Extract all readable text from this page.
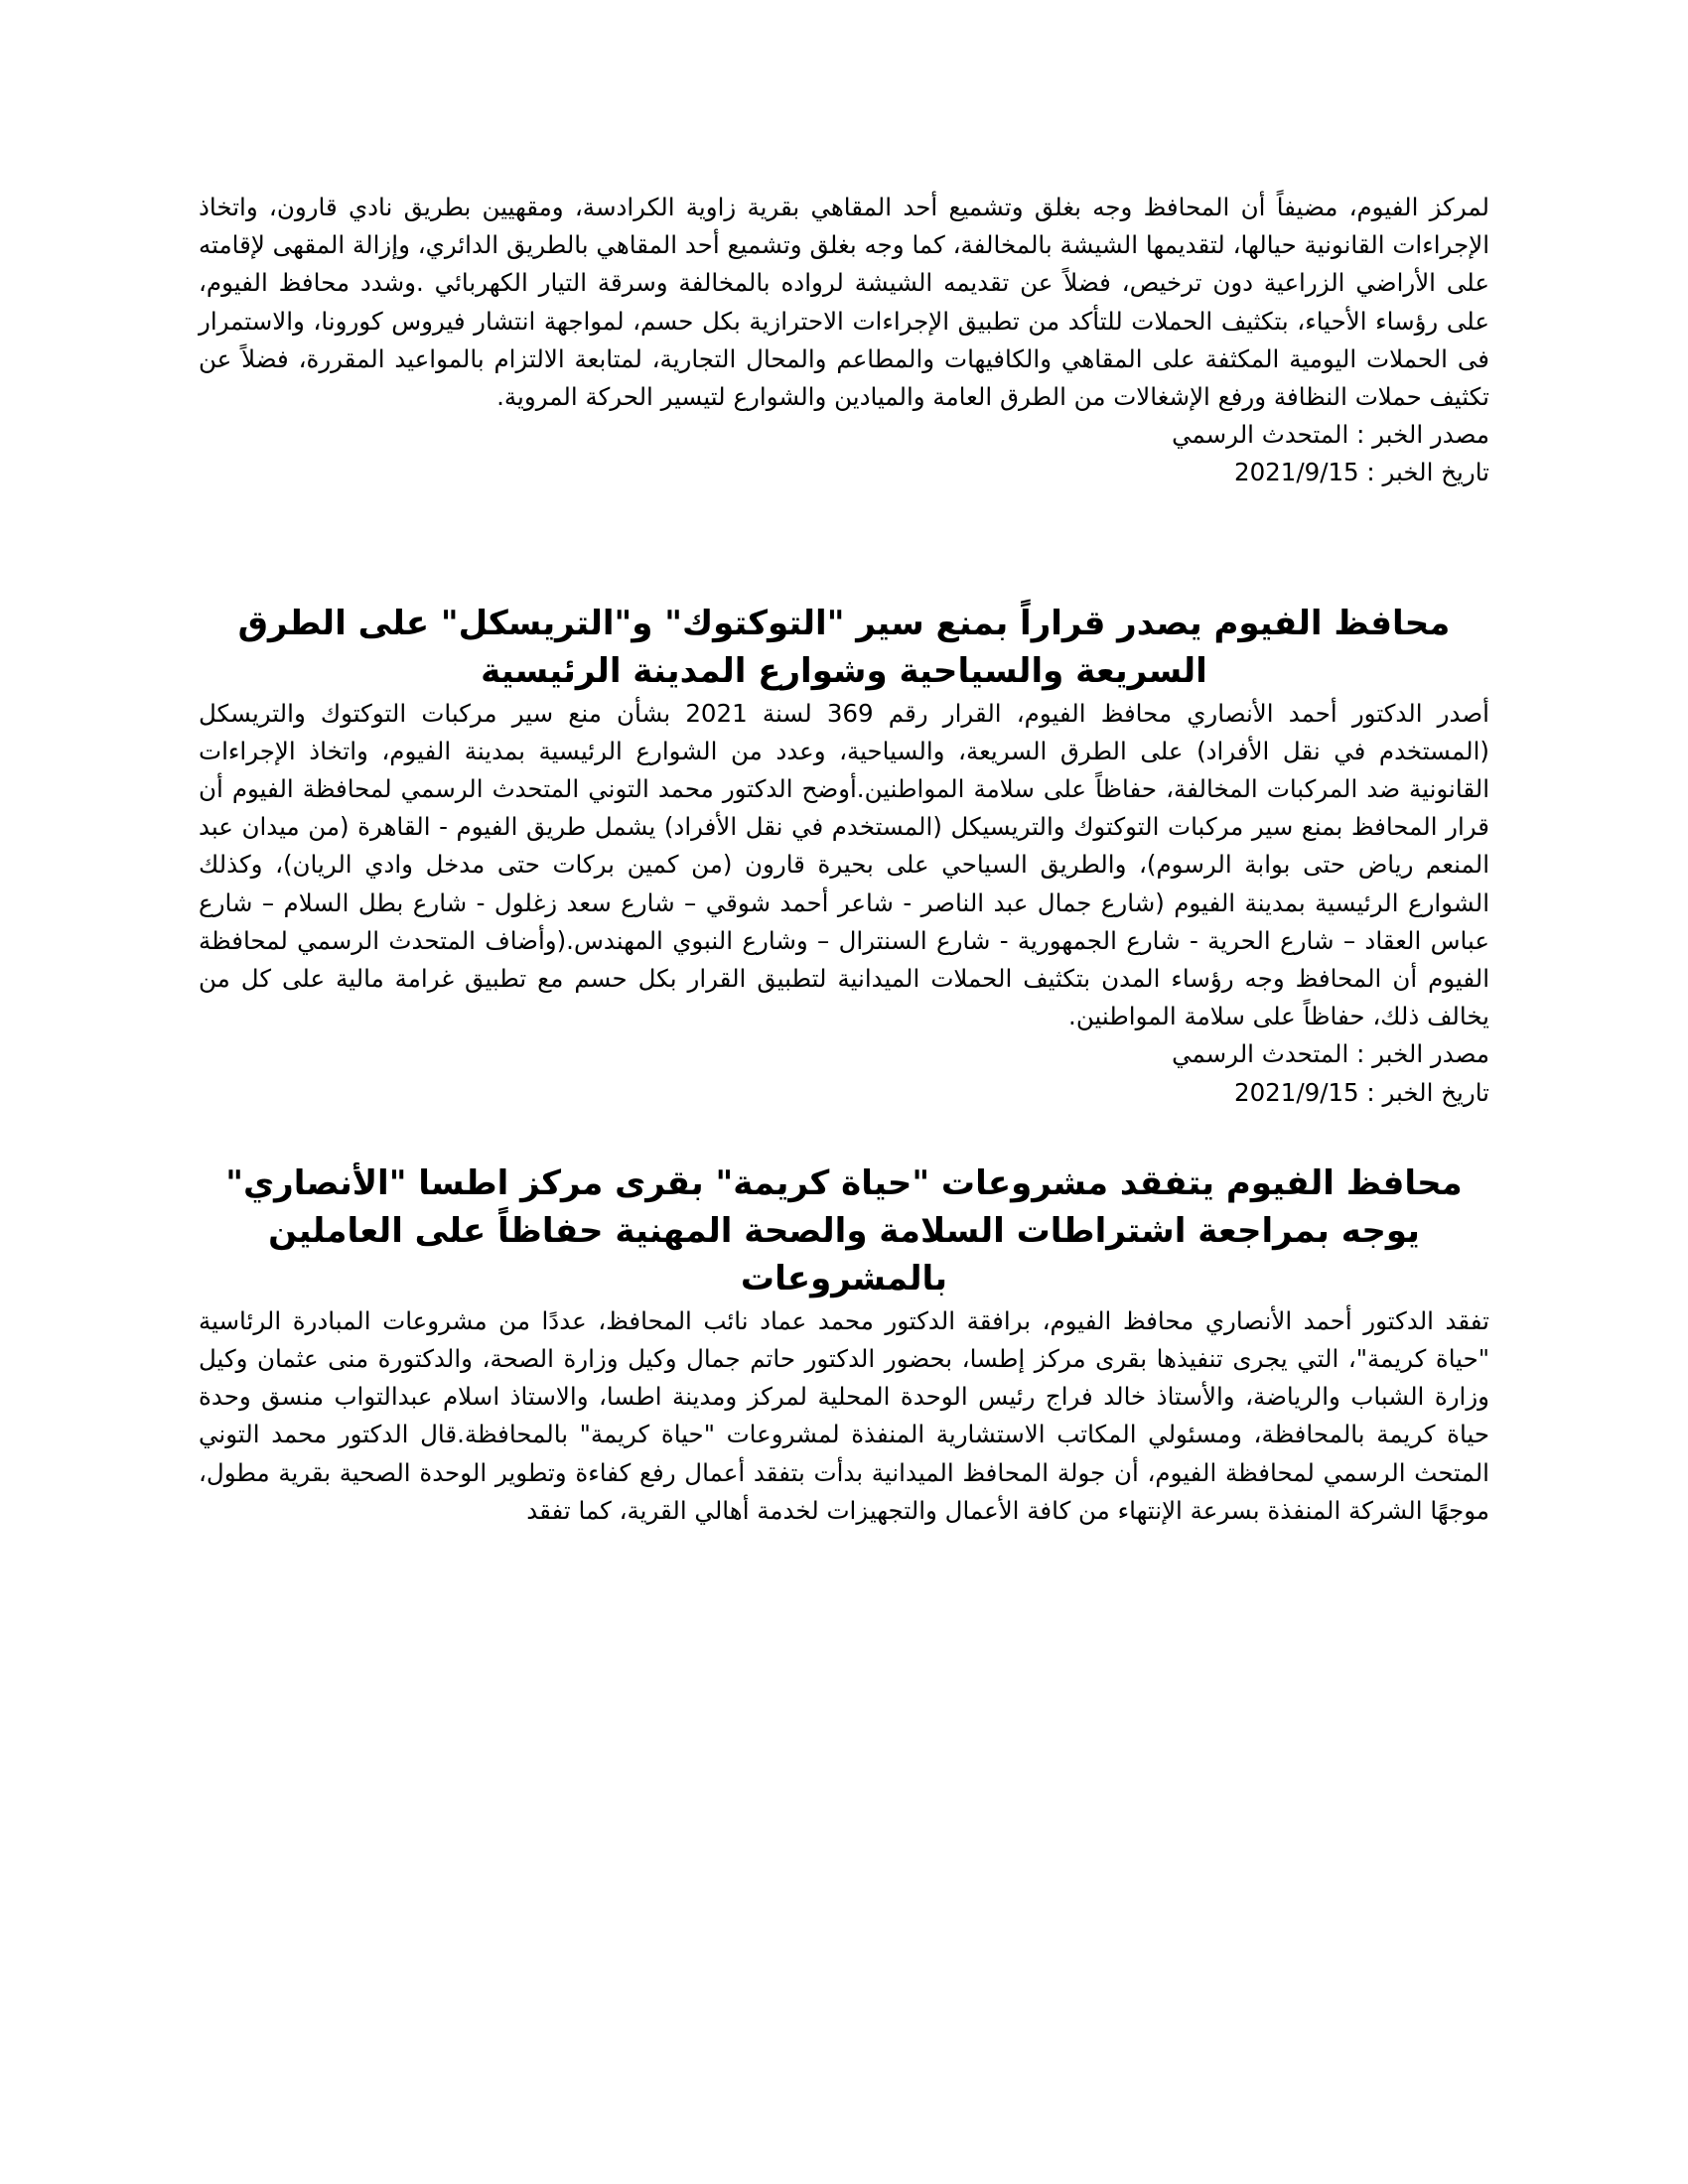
لمركز الفيوم، مضيفاً أن المحافظ وجه بغلق وتشميع أحد المقاهي بقرية زاوية الكرادسة، ومقهيين بطريق نادي قارون، واتخاذ الإجراءات القانونية حيالها، لتقديمها الشيشة بالمخالفة، كما وجه بغلق وتشميع أحد المقاهي بالطريق الدائري، وإزالة المقهى لإقامته على الأراضي الزراعية دون ترخيص، فضلاً عن تقديمه الشيشة لرواده بالمخالفة وسرقة التيار الكهربائي .وشدد محافظ الفيوم، على رؤساء الأحياء، بتكثيف الحملات للتأكد من تطبيق الإجراءات الاحترازية بكل حسم، لمواجهة انتشار فيروس كورونا، والاستمرار فى الحملات اليومية المكثفة على المقاهي والكافيهات والمطاعم والمحال التجارية، لمتابعة الالتزام بالمواعيد المقررة، فضلاً عن تكثيف حملات النظافة ورفع الإشغالات من الطرق العامة والميادين والشوارع لتيسير الحركة المروية.

مصدر الخبر : المتحدث الرسمي

تاريخ الخبر : 2021/9/15

محافظ الفيوم يصدر قراراً بمنع سير "التوكتوك" و"التريسكل" على الطرق السريعة والسياحية وشوارع المدينة الرئيسية

أصدر الدكتور أحمد الأنصاري محافظ الفيوم، القرار رقم 369 لسنة 2021 بشأن منع سير مركبات التوكتوك والتريسكل (المستخدم في نقل الأفراد) على الطرق السريعة، والسياحية، وعدد من الشوارع الرئيسية بمدينة الفيوم، واتخاذ الإجراءات القانونية ضد المركبات المخالفة، حفاظاً على سلامة المواطنين.أوضح الدكتور محمد التوني المتحدث الرسمي لمحافظة الفيوم أن قرار المحافظ بمنع سير مركبات التوكتوك والتريسيكل (المستخدم في نقل الأفراد) يشمل طريق الفيوم - القاهرة (من ميدان عبد المنعم رياض حتى بوابة الرسوم)، والطريق السياحي على بحيرة قارون (من كمين بركات حتى مدخل وادي الريان)، وكذلك الشوارع الرئيسية بمدينة الفيوم (شارع جمال عبد الناصر - شاعر أحمد شوقي – شارع سعد زغلول - شارع بطل السلام – شارع عباس العقاد – شارع الحرية - شارع الجمهورية - شارع السنترال – وشارع النبوي المهندس.(وأضاف المتحدث الرسمي لمحافظة الفيوم أن المحافظ وجه رؤساء المدن بتكثيف الحملات الميدانية لتطبيق القرار بكل حسم مع تطبيق غرامة مالية على كل من يخالف ذلك، حفاظاً على سلامة المواطنين.

مصدر الخبر : المتحدث الرسمي

تاريخ الخبر : 2021/9/15

محافظ الفيوم يتفقد مشروعات "حياة كريمة" بقرى مركز اطسا "الأنصاري" يوجه بمراجعة اشتراطات السلامة والصحة المهنية حفاظاً على العاملين بالمشروعات

تفقد الدكتور أحمد الأنصاري محافظ الفيوم، برافقة الدكتور محمد عماد نائب المحافظ، عددًا من مشروعات المبادرة الرئاسية "حياة كريمة"، التي يجرى تنفيذها بقرى مركز إطسا، بحضور الدكتور حاتم جمال وكيل وزارة الصحة، والدكتورة منى عثمان وكيل وزارة الشباب والرياضة، والأستاذ خالد فراج رئيس الوحدة المحلية لمركز ومدينة اطسا، والاستاذ اسلام عبدالتواب منسق وحدة حياة كريمة بالمحافظة، ومسئولي المكاتب الاستشارية المنفذة لمشروعات "حياة كريمة" بالمحافظة.قال الدكتور محمد التوني المتحث الرسمي لمحافظة الفيوم، أن جولة المحافظ الميدانية بدأت بتفقد أعمال رفع كفاءة وتطوير الوحدة الصحية بقرية مطول، موجهًا الشركة المنفذة بسرعة الإنتهاء من كافة الأعمال والتجهيزات لخدمة أهالي القرية، كما تفقد
